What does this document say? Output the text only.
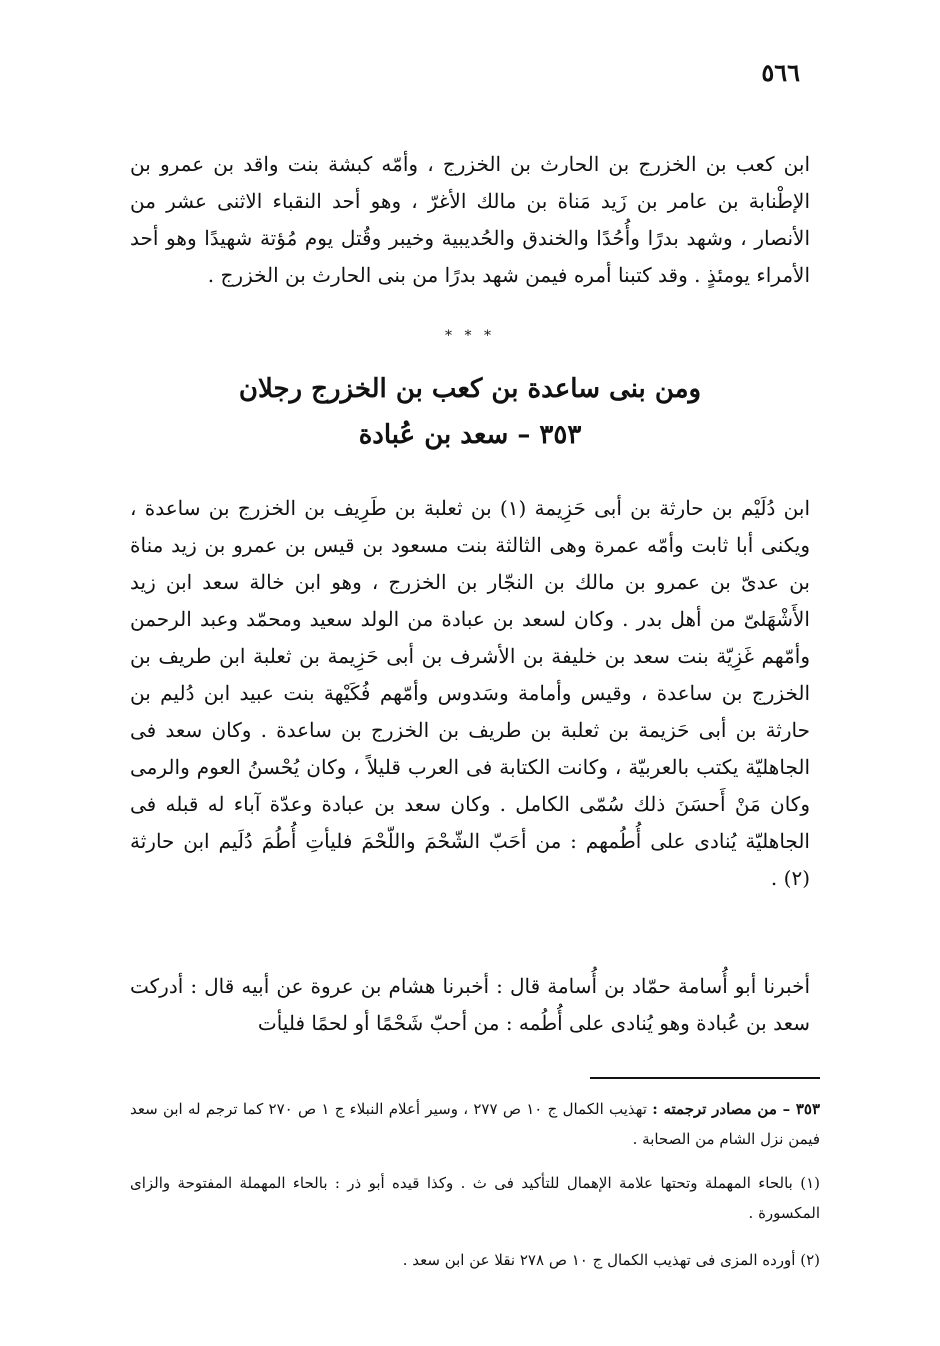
٥٦٦
ابن كعب بن الخزرج بن الحارث بن الخزرج ، وأمّه كبشة بنت واقد بن عمرو بن الإطْنابة بن عامر بن زَيد مَناة بن مالك الأغرّ ، وهو أحد النقباء الاثنى عشر من الأنصار ، وشهد بدرًا وأُحُدًا والخندق والحُديبية وخيبر وقُتل يوم مُؤتة شهيدًا وهو أحد الأمراء يومئذٍ . وقد كتبنا أمره فيمن شهد بدرًا من بنى الحارث بن الخزرج .
* * *
ومن بنى ساعدة بن كعب بن الخزرج رجلان
٣٥٣ – سعد بن عُبادة
ابن دُلَيْم بن حارثة بن أبى حَزِيمة (١) بن ثعلبة بن طَرِيف بن الخزرج بن ساعدة ، ويكنى أبا ثابت وأمّه عمرة وهى الثالثة بنت مسعود بن قيس بن عمرو بن زيد مناة بن عدىّ بن عمرو بن مالك بن النجّار بن الخزرج ، وهو ابن خالة سعد ابن زيد الأَشْهَلىّ من أهل بدر . وكان لسعد بن عبادة من الولد سعيد ومحمّد وعبد الرحمن وأمّهم غَزِيّة بنت سعد بن خليفة بن الأشرف بن أبى حَزِيمة بن ثعلبة ابن طريف بن الخزرج بن ساعدة ، وقيس وأمامة وسَدوس وأمّهم فُكَيْهة بنت عبيد ابن دُليم بن حارثة بن أبى حَزيمة بن ثعلبة بن طريف بن الخزرج بن ساعدة . وكان سعد فى الجاهليّة يكتب بالعربيّة ، وكانت الكتابة فى العرب قليلاً ، وكان يُحْسنُ العوم والرمى وكان مَنْ أَحسَنَ ذلك سُمّى الكامل . وكان سعد بن عبادة وعدّة آباء له قبله فى الجاهليّة يُنادى على أُطُمهم : من أحَبّ الشّحْمَ واللّحْمَ فليأتِ أُطُمَ دُلَيم ابن حارثة (٢) .
أخبرنا أبو أُسامة حمّاد بن أُسامة قال : أخبرنا هشام بن عروة عن أبيه قال : أدركت سعد بن عُبادة وهو يُنادى على أُطُمه : من أحبّ شَحْمًا أو لحمًا فليأت
٣٥٣ – من مصادر ترجمته : تهذيب الكمال ج ١٠ ص ٢٧٧ ، وسير أعلام النبلاء ج ١ ص ٢٧٠ كما ترجم له ابن سعد فيمن نزل الشام من الصحابة .
(١) بالحاء المهملة وتحتها علامة الإهمال للتأكيد فى ث . وكذا قيده أبو ذر : بالحاء المهملة المفتوحة والزاى المكسورة .
(٢) أورده المزى فى تهذيب الكمال ج ١٠ ص ٢٧٨ نقلا عن ابن سعد .
